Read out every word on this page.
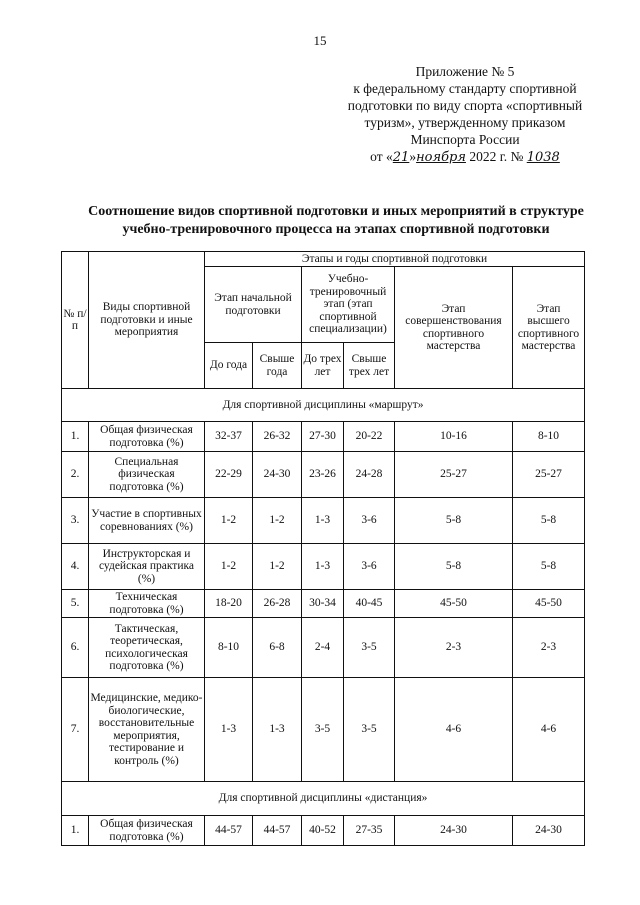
15
Приложение № 5
к федеральному стандарту спортивной
подготовки по виду спорта «спортивный
туризм», утвержденному приказом
Минспорта России
от «21»ноября 2022 г. № 1038
Соотношение видов спортивной подготовки и иных мероприятий в структуре
учебно-тренировочного процесса на этапах спортивной подготовки
№ п/п	Виды спортивной подготовки и иные мероприятия	Этапы и годы спортивной подготовки					
		Этап начальной подготовки		Учебно-тренировочный этап (этап спортивной специализации)		Этап совершенствования спортивного мастерства	Этап высшего спортивного мастерства
		До года	Свыше года	До трех лет	Свыше трех лет		
Для спортивной дисциплины «маршрут»							
1.	Общая физическая подготовка (%)	32-37	26-32	27-30	20-22	10-16	8-10
2.	Специальная физическая подготовка (%)	22-29	24-30	23-26	24-28	25-27	25-27
3.	Участие в спортивных соревнованиях (%)	1-2	1-2	1-3	3-6	5-8	5-8
4.	Инструкторская и судейская практика (%)	1-2	1-2	1-3	3-6	5-8	5-8
5.	Техническая подготовка (%)	18-20	26-28	30-34	40-45	45-50	45-50
6.	Тактическая, теоретическая, психологическая подготовка (%)	8-10	6-8	2-4	3-5	2-3	2-3
7.	Медицинские, медико-биологические, восстановительные мероприятия, тестирование и контроль (%)	1-3	1-3	3-5	3-5	4-6	4-6
Для спортивной дисциплины «дистанция»							
1.	Общая физическая подготовка (%)	44-57	44-57	40-52	27-35	24-30	24-30
